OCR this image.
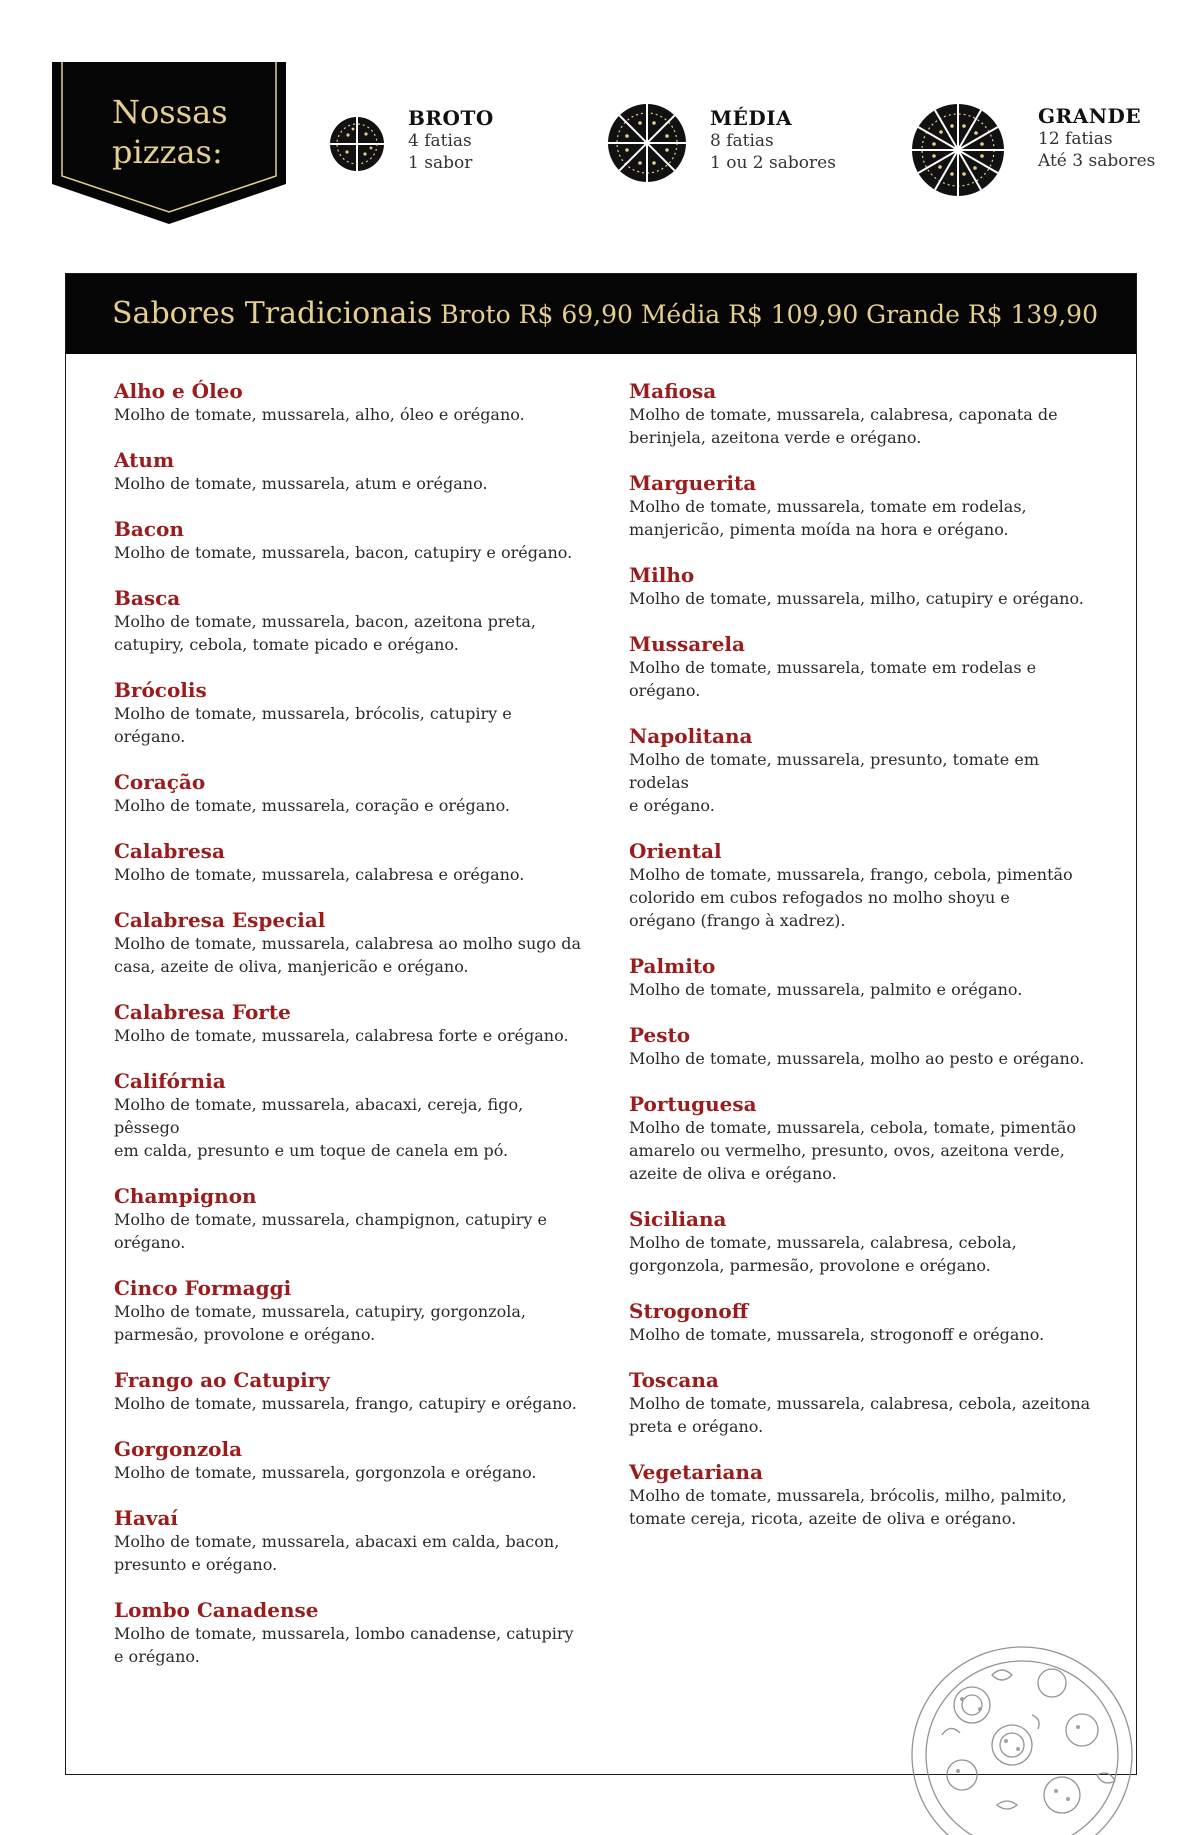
Nossas
pizzas:
BROTO
4 fatias
1 sabor
MÉDIA
8 fatias
1 ou 2 sabores
GRANDE
12 fatias
Até 3 sabores
Sabores Tradicionais Broto R$ 69,90 Média R$ 109,90 Grande R$ 139,90
Alho e Óleo
Molho de tomate, mussarela, alho, óleo e orégano.
Atum
Molho de tomate, mussarela, atum e orégano.
Bacon
Molho de tomate, mussarela, bacon, catupiry e orégano.
Basca
Molho de tomate, mussarela, bacon, azeitona preta,
catupiry, cebola, tomate picado e orégano.
Brócolis
Molho de tomate, mussarela, brócolis, catupiry e orégano.
Coração
Molho de tomate, mussarela, coração e orégano.
Calabresa
Molho de tomate, mussarela, calabresa e orégano.
Calabresa Especial
Molho de tomate, mussarela, calabresa ao molho sugo da
casa, azeite de oliva, manjericão e orégano.
Calabresa Forte
Molho de tomate, mussarela, calabresa forte e orégano.
Califórnia
Molho de tomate, mussarela, abacaxi, cereja, figo, pêssego
em calda, presunto e um toque de canela em pó.
Champignon
Molho de tomate, mussarela, champignon, catupiry e
orégano.
Cinco Formaggi
Molho de tomate, mussarela, catupiry, gorgonzola,
parmesão, provolone e orégano.
Frango ao Catupiry
Molho de tomate, mussarela, frango, catupiry e orégano.
Gorgonzola
Molho de tomate, mussarela, gorgonzola e orégano.
Havaí
Molho de tomate, mussarela, abacaxi em calda, bacon,
presunto e orégano.
Lombo Canadense
Molho de tomate, mussarela, lombo canadense, catupiry
e orégano.
Mafiosa
Molho de tomate, mussarela, calabresa, caponata de
berinjela, azeitona verde e orégano.
Marguerita
Molho de tomate, mussarela, tomate em rodelas,
manjericão, pimenta moída na hora e orégano.
Milho
Molho de tomate, mussarela, milho, catupiry e orégano.
Mussarela
Molho de tomate, mussarela, tomate em rodelas e
orégano.
Napolitana
Molho de tomate, mussarela, presunto, tomate em rodelas
e orégano.
Oriental
Molho de tomate, mussarela, frango, cebola, pimentão
colorido em cubos refogados no molho shoyu e
orégano (frango à xadrez).
Palmito
Molho de tomate, mussarela, palmito e orégano.
Pesto
Molho de tomate, mussarela, molho ao pesto e orégano.
Portuguesa
Molho de tomate, mussarela, cebola, tomate, pimentão
amarelo ou vermelho, presunto, ovos, azeitona verde,
azeite de oliva e orégano.
Siciliana
Molho de tomate, mussarela, calabresa, cebola,
gorgonzola, parmesão, provolone e orégano.
Strogonoff
Molho de tomate, mussarela, strogonoff e orégano.
Toscana
Molho de tomate, mussarela, calabresa, cebola, azeitona
preta e orégano.
Vegetariana
Molho de tomate, mussarela, brócolis, milho, palmito,
tomate cereja, ricota, azeite de oliva e orégano.
